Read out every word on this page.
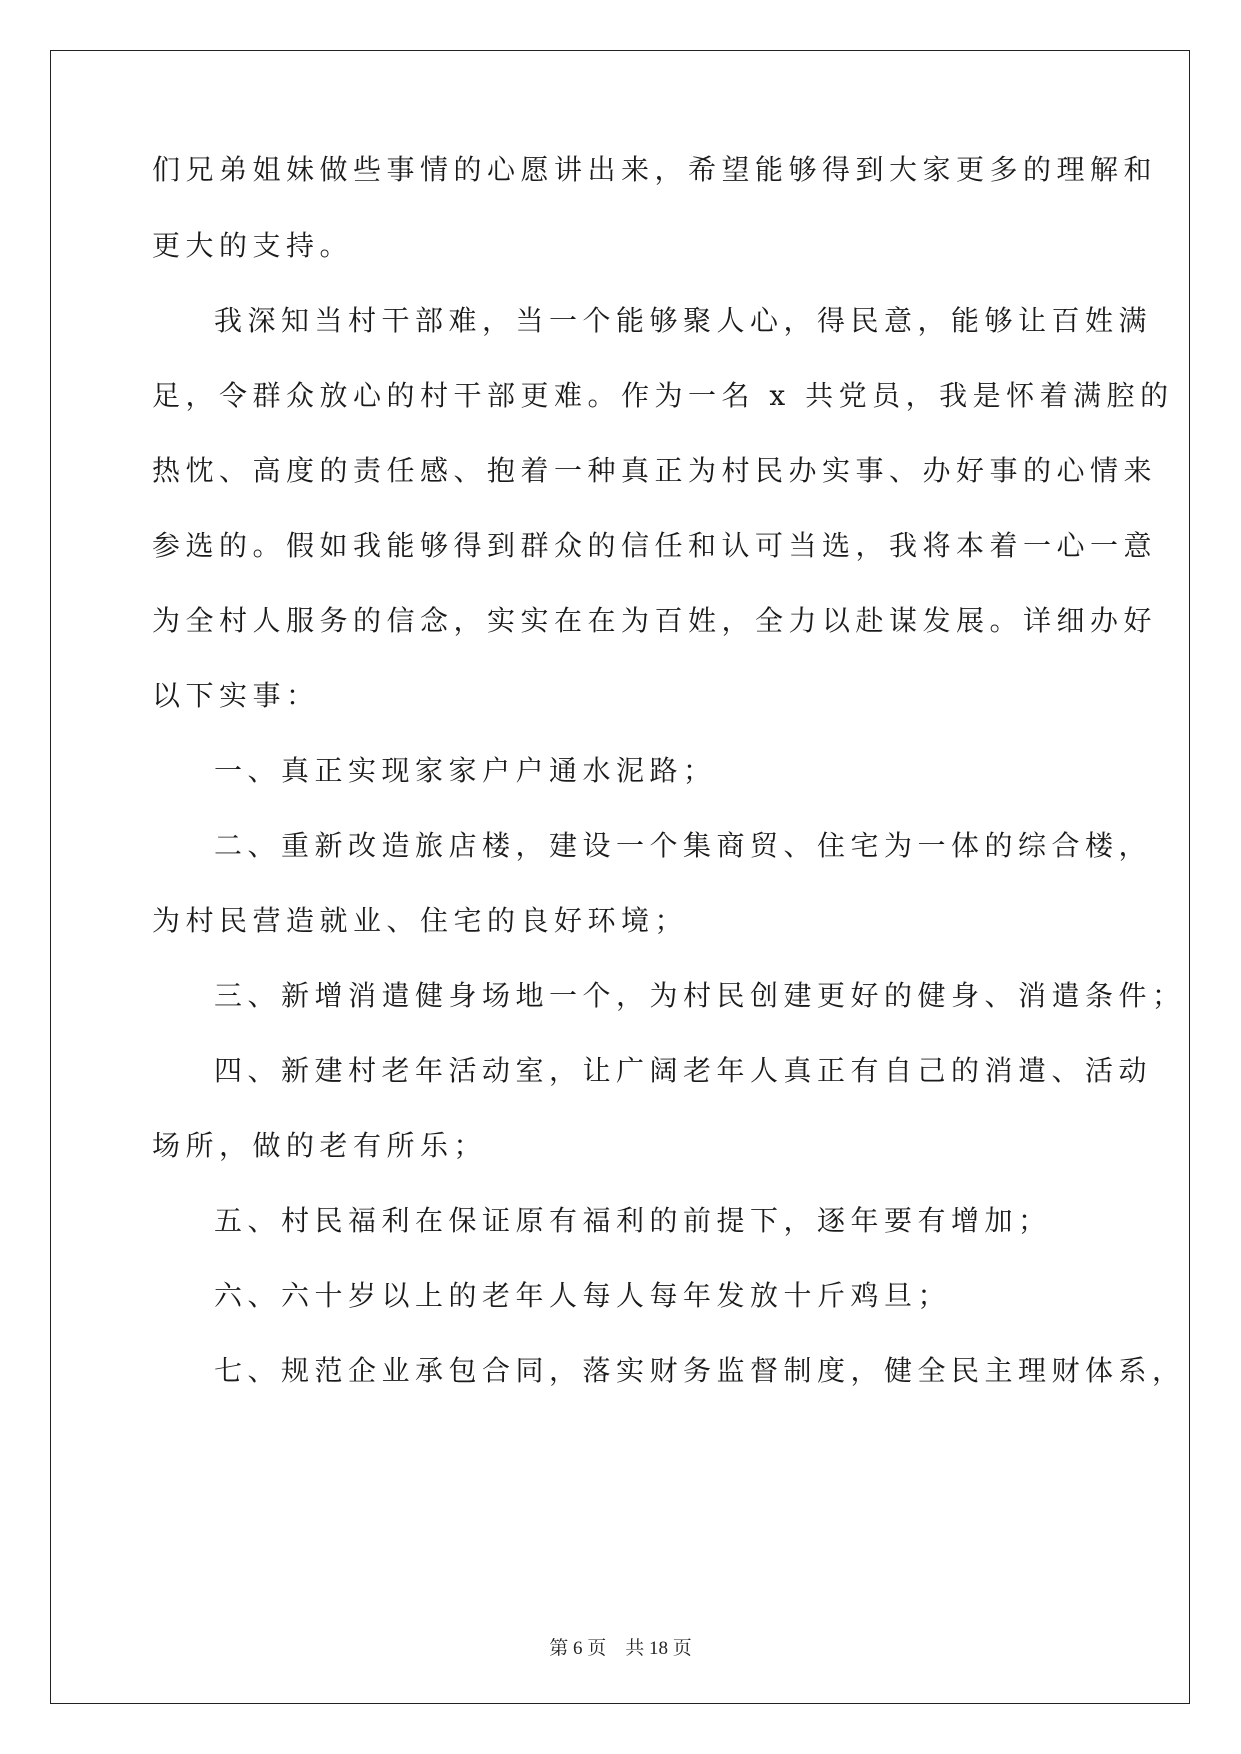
们兄弟姐妹做些事情的心愿讲出来，希望能够得到大家更多的理解和
更大的支持。
我深知当村干部难，当一个能够聚人心，得民意，能够让百姓满
足，令群众放心的村干部更难。作为一名 x 共党员，我是怀着满腔的
热忱、高度的责任感、抱着一种真正为村民办实事、办好事的心情来
参选的。假如我能够得到群众的信任和认可当选，我将本着一心一意
为全村人服务的信念，实实在在为百姓，全力以赴谋发展。详细办好
以下实事：
一、真正实现家家户户通水泥路；
二、重新改造旅店楼，建设一个集商贸、住宅为一体的综合楼，
为村民营造就业、住宅的良好环境；
三、新增消遣健身场地一个，为村民创建更好的健身、消遣条件；
四、新建村老年活动室，让广阔老年人真正有自己的消遣、活动
场所，做的老有所乐；
五、村民福利在保证原有福利的前提下，逐年要有增加；
六、六十岁以上的老年人每人每年发放十斤鸡旦；
七、规范企业承包合同，落实财务监督制度，健全民主理财体系，
第 6 页 共 18 页
